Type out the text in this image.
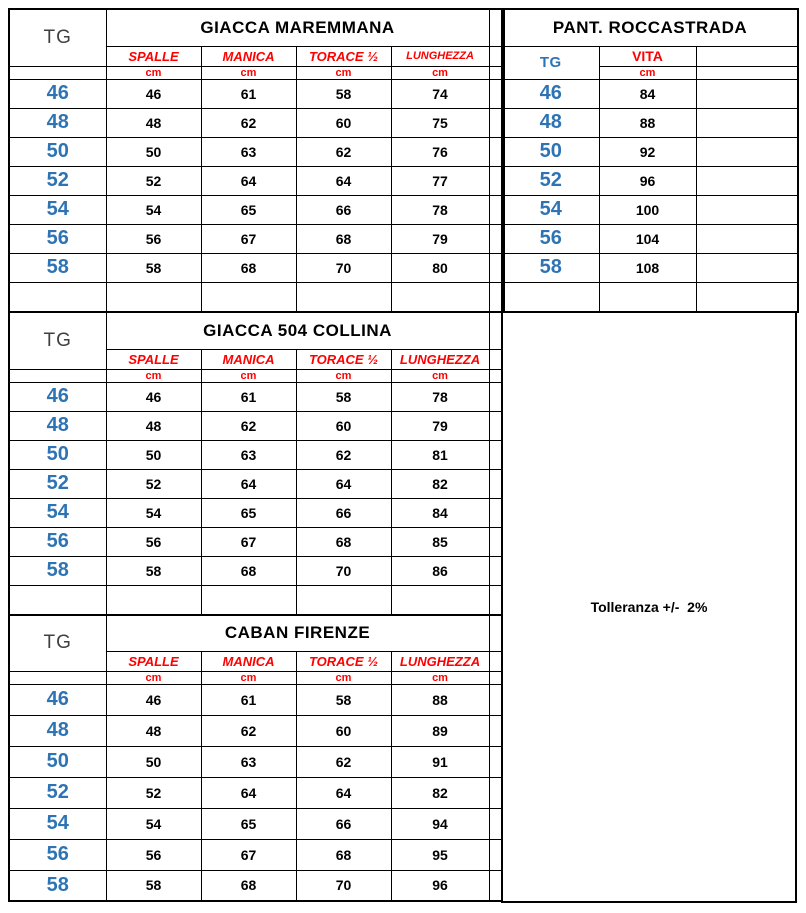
TG	GIACCA MAREMMANA				
	SPALLE	MANICA	TORACE ½	LUNGHEZZA	
	cm	cm	cm	cm	
46	46	61	58	74	
48	48	62	60	75	
50	50	63	62	76	
52	52	64	64	77	
54	54	65	66	78	
56	56	67	68	79	
58	58	68	70	80	

TG	GIACCA 504 COLLINA				
	SPALLE	MANICA	TORACE ½	LUNGHEZZA	
	cm	cm	cm	cm	
46	46	61	58	78	
48	48	62	60	79	
50	50	63	62	81	
52	52	64	64	82	
54	54	65	66	84	
56	56	67	68	85	
58	58	68	70	86	

TG	CABAN FIRENZE				
	SPALLE	MANICA	TORACE ½	LUNGHEZZA	
	cm	cm	cm	cm	
46	46	61	58	88	
48	48	62	60	89	
50	50	63	62	91	
52	52	64	64	82	
54	54	65	66	94	
56	56	67	68	95	
58	58	68	70	96	
PANT. ROCCASTRADA		
TG	VITA	
	cm	
46	84	
48	88	
50	92	
52	96	
54	100	
56	104	
58	108	

Tolleranza +/-  2%
